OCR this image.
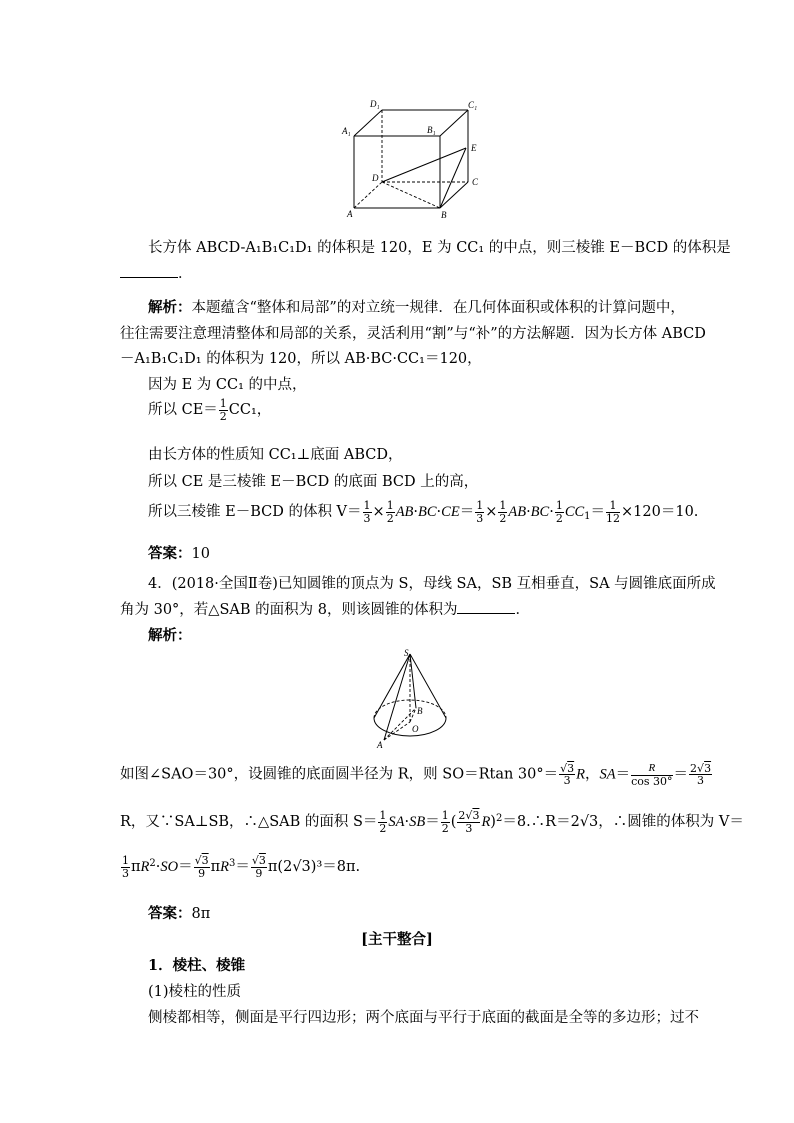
D₁	C₁
A₁	B₁
E
D	C
A	B
长方体 ABCD-A₁B₁C₁D₁ 的体积是 120，E 为 CC₁ 的中点，则三棱锥 E－BCD 的体积是
．
解析：本题蕴含“整体和局部”的对立统一规律．在几何体面积或体积的计算问题中，
往往需要注意理清整体和局部的关系，灵活利用“割”与“补”的方法解题．因为长方体 ABCD
－A₁B₁C₁D₁ 的体积为 120，所以 AB·BC·CC₁＝120，
因为 E 为 CC₁ 的中点，
所以 $CE= \frac{1}{2} CC_1$，
由长方体的性质知 CC₁⊥底面 ABCD，
所以 CE 是三棱锥 E－BCD 的底面 BCD 上的高，
所以三棱锥 E－BCD 的体积 $V= \frac{1}{3} \times \frac{1}{2} AB\cdot BC\cdot CE= \frac{1}{3} \times \frac{1}{2} AB\cdot BC\cdot \frac{1}{2} CC_1= \frac{1}{12} \times 120=10$.
答案：10
4．(2018·全国Ⅱ卷)已知圆锥的顶点为 S，母线 SA，SB 互相垂直，SA 与圆锥底面所成
角为 30°，若△SAB 的面积为 8，则该圆锥的体积为	．
解析：
S
B
O
A
如图∠SAO＝30°，设圆锥的底面圆半径为 R，则 SO＝Rtan $30^\circ= \frac{√3}{3}$ R，$SA= \frac{R}{\cos 30^\circ} = \frac{2√3}{3}$
R，又∵SA⊥SB，∴△SAB 的面积 $S= \frac{1}{2} SA\cdot SB= \frac{1}{2}$ ( $\frac{2√3}{3}$ R)$^2$＝8.∴R＝2√3，∴圆锥的体积为 V＝
$\frac{1}{3} \pi R^2\cdot SO= \frac{√3}{9} \pi R^3= \frac{√3}{9} \pi(2√3)^3=8\pi$.
答案：8π
[主干整合]
1．棱柱、棱锥
(1)棱柱的性质
侧棱都相等，侧面是平行四边形；两个底面与平行于底面的截面是全等的多边形；过不
